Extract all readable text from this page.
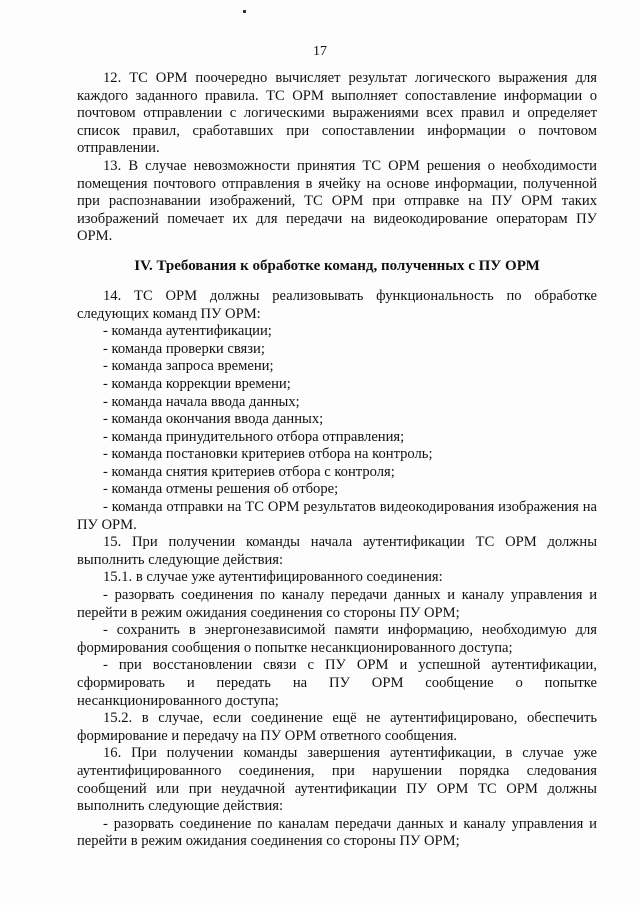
17

12. ТС ОРМ поочередно вычисляет результат логического выражения для каждого заданного правила. ТС ОРМ выполняет сопоставление информации о почтовом отправлении с логическими выражениями всех правил и определяет список правил, сработавших при сопоставлении информации о почтовом отправлении.

13. В случае невозможности принятия ТС ОРМ решения о необходимости помещения почтового отправления в ячейку на основе информации, полученной при распознавании изображений, ТС ОРМ при отправке на ПУ ОРМ таких изображений помечает их для передачи на видеокодирование операторам ПУ ОРМ.

IV. Требования к обработке команд, полученных с ПУ ОРМ

14. ТС ОРМ должны реализовывать функциональность по обработке следующих команд ПУ ОРМ:

- команда аутентификации;
- команда проверки связи;
- команда запроса времени;
- команда коррекции времени;
- команда начала ввода данных;
- команда окончания ввода данных;
- команда принудительного отбора отправления;
- команда постановки критериев отбора на контроль;
- команда снятия критериев отбора с контроля;
- команда отмены решения об отборе;
- команда отправки на ТС ОРМ результатов видеокодирования изображения на ПУ ОРМ.

15. При получении команды начала аутентификации ТС ОРМ должны выполнить следующие действия:

15.1. в случае уже аутентифицированного соединения:

- разорвать соединения по каналу передачи данных и каналу управления и перейти в режим ожидания соединения со стороны ПУ ОРМ;

- сохранить в энергонезависимой памяти информацию, необходимую для формирования сообщения о попытке несанкционированного доступа;

- при восстановлении связи с ПУ ОРМ и успешной аутентификации, сформировать и передать на ПУ ОРМ сообщение о попытке несанкционированного доступа;

15.2. в случае, если соединение ещё не аутентифицировано, обеспечить формирование и передачу на ПУ ОРМ ответного сообщения.

16. При получении команды завершения аутентификации, в случае уже аутентифицированного соединения, при нарушении порядка следования сообщений или при неудачной аутентификации ПУ ОРМ ТС ОРМ должны выполнить следующие действия:

- разорвать соединение по каналам передачи данных и каналу управления и перейти в режим ожидания соединения со стороны ПУ ОРМ;
